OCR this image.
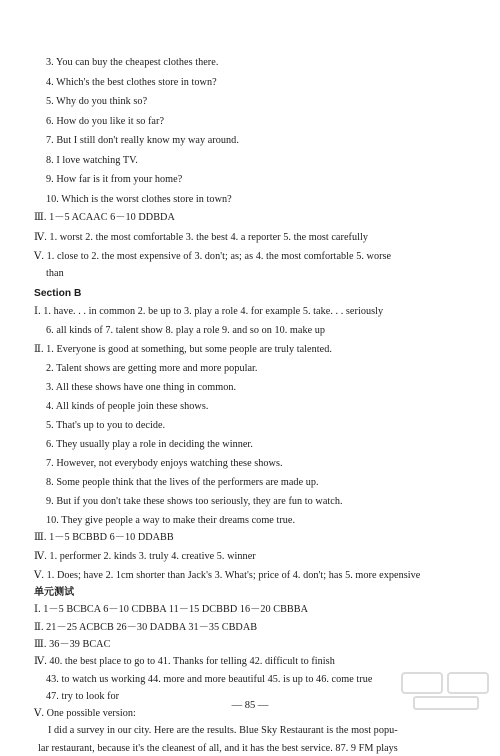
3. You can buy the cheapest clothes there.
4. Which's the best clothes store in town?
5. Why do you think so?
6. How do you like it so far?
7. But I still don't really know my way around.
8. I love watching TV.
9. How far is it from your home?
10. Which is the worst clothes store in town?
Ⅲ. 1－5 ACAAC 6－10 DDBDA
Ⅳ. 1. worst 2. the most comfortable 3. the best 4. a reporter 5. the most carefully
Ⅴ. 1. close to 2. the most expensive of 3. don't; as; as 4. the most comfortable 5. worse
than
Section B
Ⅰ. 1. have. . . in common 2. be up to 3. play a role 4. for example 5. take. . . seriously
6. all kinds of 7. talent show 8. play a role 9. and so on 10. make up
Ⅱ. 1. Everyone is good at something, but some people are truly talented.
2. Talent shows are getting more and more popular.
3. All these shows have one thing in common.
4. All kinds of people join these shows.
5. That's up to you to decide.
6. They usually play a role in deciding the winner.
7. However, not everybody enjoys watching these shows.
8. Some people think that the lives of the performers are made up.
9. But if you don't take these shows too seriously, they are fun to watch.
10. They give people a way to make their dreams come true.
Ⅲ. 1－5 BCBBD 6－10 DDABB
Ⅳ. 1. performer 2. kinds 3. truly 4. creative 5. winner
Ⅴ. 1. Does; have 2. 1cm shorter than Jack's 3. What's; price of 4. don't; has 5. more expensive
单元测试
Ⅰ. 1－5 BCBCA 6－10 CDBBA 11－15 DCBBD 16－20 CBBBA
Ⅱ. 21－25 ACBCB 26－30 DADBA 31－35 CBDAB
Ⅲ. 36－39 BCAC
Ⅳ. 40. the best place to go to 41. Thanks for telling 42. difficult to finish
43. to watch us working 44. more and more beautiful 45. is up to 46. come true
47. try to look for
Ⅴ. One possible version:
I did a survey in our city. Here are the results. Blue Sky Restaurant is the most popu-
lar restaurant, because it's the cleanest of all, and it has the best service. 87. 9 FM plays
— 85 —
